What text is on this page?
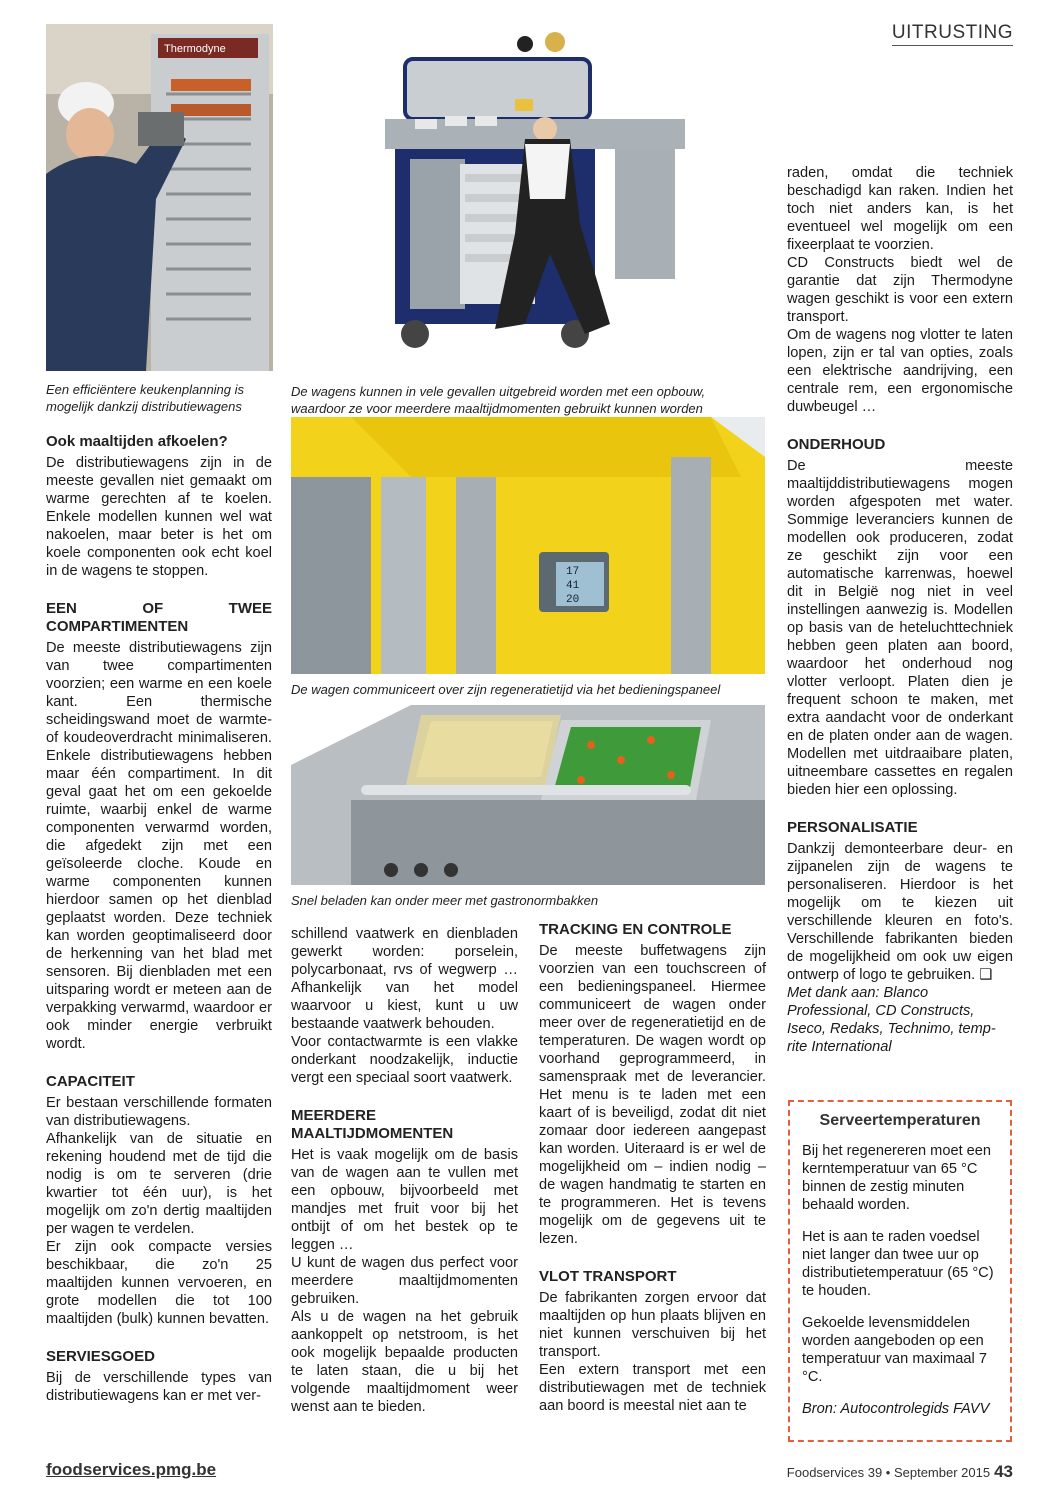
UITRUSTING
Thermodyne
Een efficiëntere keukenplanning is mogelijk dankzij distributiewagens
De wagens kunnen in vele gevallen uitgebreid worden met een opbouw, waardoor ze voor meerdere maaltijdmomenten gebruikt kunnen worden
17
41
20
De wagen communiceert over zijn regeneratietijd via het bedieningspaneel
Snel beladen kan onder meer met gastronormbakken
Ook maaltijden afkoelen?

De distributiewagens zijn in de meeste gevallen niet gemaakt om warme gerechten af te koelen. Enkele modellen kunnen wel wat nakoelen, maar beter is het om koele componenten ook echt koel in de wagens te stoppen.

EEN OF TWEE COMPARTIMENTEN

De meeste distributiewagens zijn van twee compartimenten voorzien; een warme en een koele kant. Een thermische scheidingswand moet de warmte- of koudeoverdracht minimaliseren. Enkele distributiewagens hebben maar één compartiment. In dit geval gaat het om een gekoelde ruimte, waarbij enkel de warme componenten verwarmd worden, die afgedekt zijn met een geïsoleerde cloche. Koude en warme componenten kunnen hierdoor samen op het dienblad geplaatst worden. Deze techniek kan worden geoptimaliseerd door de herkenning van het blad met sensoren. Bij dienbladen met een uitsparing wordt er meteen aan de verpakking verwarmd, waardoor er ook minder energie verbruikt wordt.

CAPACITEIT

Er bestaan verschillende formaten van distributiewagens.

Afhankelijk van de situatie en rekening houdend met de tijd die nodig is om te serveren (drie kwartier tot één uur), is het mogelijk om zo'n dertig maaltijden per wagen te verdelen.

Er zijn ook compacte versies beschikbaar, die zo'n 25 maaltijden kunnen vervoeren, en grote modellen die tot 100 maaltijden (bulk) kunnen bevatten.

SERVIESGOED

Bij de verschillende types van distributiewagens kan er met ver-

schillend vaatwerk en dienbladen gewerkt worden: porselein, polycarbonaat, rvs of wegwerp … Afhankelijk van het model waarvoor u kiest, kunt u uw bestaande vaatwerk behouden.

Voor contactwarmte is een vlakke onderkant noodzakelijk, inductie vergt een speciaal soort vaatwerk.

MEERDERE MAALTIJDMOMENTEN

Het is vaak mogelijk om de basis van de wagen aan te vullen met een opbouw, bijvoorbeeld met mandjes met fruit voor bij het ontbijt of om het bestek op te leggen …

U kunt de wagen dus perfect voor meerdere maaltijdmomenten gebruiken.

Als u de wagen na het gebruik aankoppelt op netstroom, is het ook mogelijk bepaalde producten te laten staan, die u bij het volgende maaltijdmoment weer wenst aan te bieden.

TRACKING EN CONTROLE

De meeste buffetwagens zijn voorzien van een touchscreen of een bedieningspaneel. Hiermee communiceert de wagen onder meer over de regeneratietijd en de temperaturen. De wagen wordt op voorhand geprogrammeerd, in samenspraak met de leverancier. Het menu is te laden met een kaart of is beveiligd, zodat dit niet zomaar door iedereen aangepast kan worden. Uiteraard is er wel de mogelijkheid om – indien nodig – de wagen handmatig te starten en te programmeren. Het is tevens mogelijk om de gegevens uit te lezen.

VLOT TRANSPORT

De fabrikanten zorgen ervoor dat maaltijden op hun plaats blijven en niet kunnen verschuiven bij het transport.

Een extern transport met een distributiewagen met de techniek aan boord is meestal niet aan te

raden, omdat die techniek beschadigd kan raken. Indien het toch niet anders kan, is het eventueel wel mogelijk om een fixeerplaat te voorzien.

CD Constructs biedt wel de garantie dat zijn Thermodyne wagen geschikt is voor een extern transport.

Om de wagens nog vlotter te laten lopen, zijn er tal van opties, zoals een elektrische aandrijving, een centrale rem, een ergonomische duwbeugel …

ONDERHOUD

De meeste maaltijddistributiewagens mogen worden afgespoten met water. Sommige leveranciers kunnen de modellen ook produceren, zodat ze geschikt zijn voor een automatische karrenwas, hoewel dit in België nog niet in veel instellingen aanwezig is. Modellen op basis van de heteluchttechniek hebben geen platen aan boord, waardoor het onderhoud nog vlotter verloopt. Platen dien je frequent schoon te maken, met extra aandacht voor de onderkant en de platen onder aan de wagen. Modellen met uitdraaibare platen, uitneembare cassettes en regalen bieden hier een oplossing.

PERSONALISATIE

Dankzij demonteerbare deur- en zijpanelen zijn de wagens te personaliseren. Hierdoor is het mogelijk om te kiezen uit verschillende kleuren en foto's. Verschillende fabrikanten bieden de mogelijkheid om ook uw eigen ontwerp of logo te gebruiken. ❑

Met dank aan: Blanco Professional, CD Constructs, Iseco, Redaks, Technimo, temp-rite International

Serveertemperaturen

Bij het regenereren moet een kerntemperatuur van 65 °C binnen de zestig minuten behaald worden.

Het is aan te raden voedsel niet langer dan twee uur op distributietemperatuur (65 °C) te houden.

Gekoelde levensmiddelen worden aangeboden op een temperatuur van maximaal 7 °C.

Bron: Autocontrolegids FAVV

foodservices.pmg.be	Foodservices 39 • September 2015 43
